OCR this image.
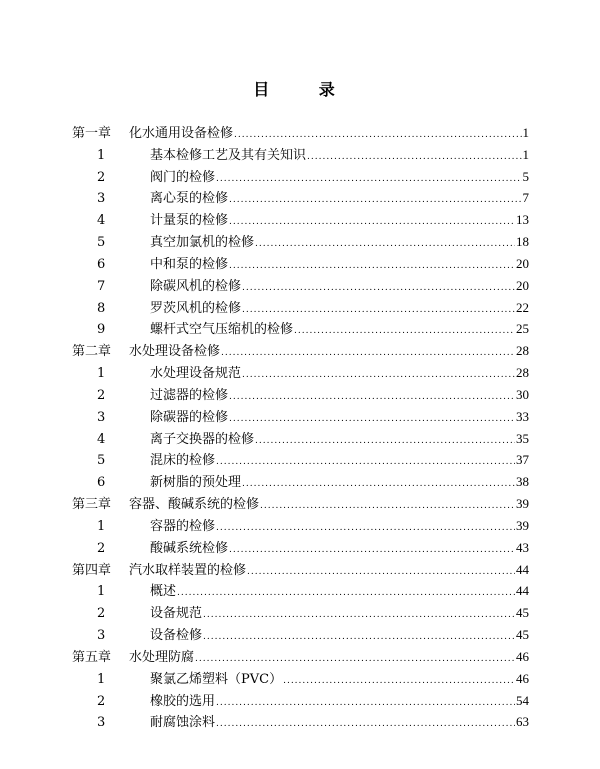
目 录
第一章	化水通用设备检修 .....	1
1	基本检修工艺及其有关知识 .....	1
2	阀门的检修 .....	5
3	离心泵的检修 .....	7
4	计量泵的检修 .....	13
5	真空加氯机的检修 .....	18
6	中和泵的检修 .....	20
7	除碳风机的检修 .....	20
8	罗茨风机的检修 .....	22
9	螺杆式空气压缩机的检修 .....	25
第二章	水处理设备检修 .....	28
1	水处理设备规范 .....	28
2	过滤器的检修 .....	30
3	除碳器的检修 .....	33
4	离子交换器的检修 .....	35
5	混床的检修 .....	37
6	新树脂的预处理 .....	38
第三章	容器、酸碱系统的检修 .....	39
1	容器的检修 .....	39
2	酸碱系统检修 .....	43
第四章	汽水取样装置的检修 .....	44
1	概述 .....	44
2	设备规范 .....	45
3	设备检修 .....	45
第五章	水处理防腐 .....	46
1	聚氯乙烯塑料（PVC） .....	46
2	橡胶的选用 .....	54
3	耐腐蚀涂料 .....	63
